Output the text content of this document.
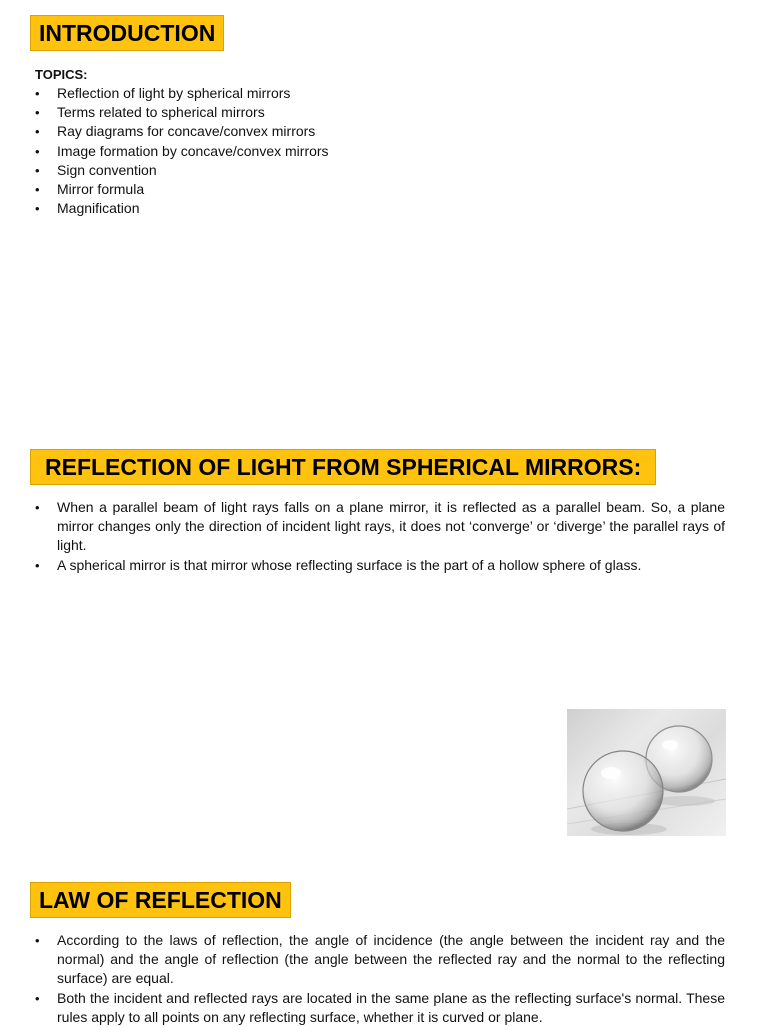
INTRODUCTION
TOPICS:
• Reflection of light by spherical mirrors
• Terms related to spherical mirrors
• Ray diagrams for concave/convex mirrors
• Image formation by concave/convex mirrors
• Sign convention
• Mirror formula
• Magnification
REFLECTION OF LIGHT FROM SPHERICAL MIRRORS:
• When a parallel beam of light rays falls on a plane mirror, it is reflected as a parallel beam. So, a plane mirror changes only the direction of incident light rays, it does not ‘converge’ or ‘diverge’ the parallel rays of light.
• A spherical mirror is that mirror whose reflecting surface is the part of a hollow sphere of glass.
LAW OF REFLECTION
• According to the laws of reflection, the angle of incidence (the angle between the incident ray and the normal) and the angle of reflection (the angle between the reflected ray and the normal to the reflecting surface) are equal.
• Both the incident and reflected rays are located in the same plane as the reflecting surface's normal. These rules apply to all points on any reflecting surface, whether it is curved or plane.
